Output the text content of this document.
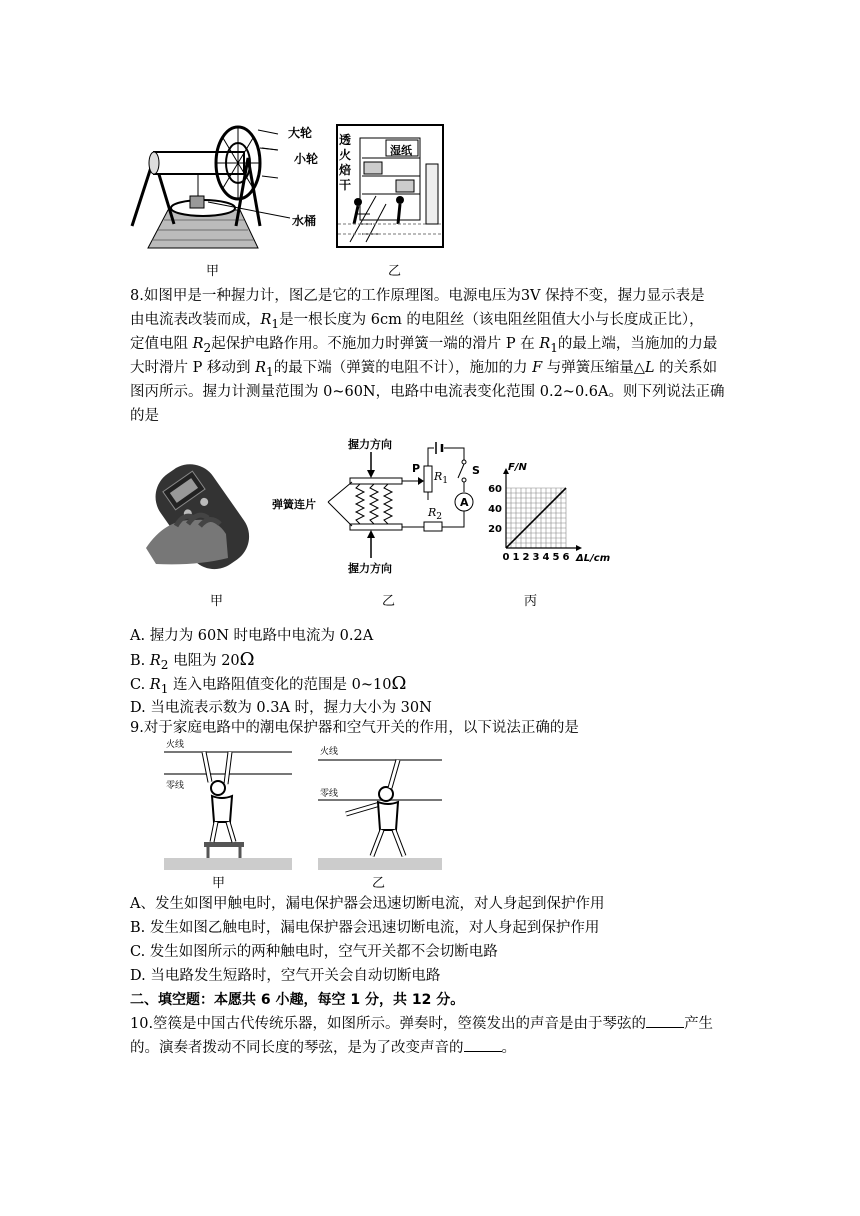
大轮
小轮
水桶
甲
透
火
焙
干
湿纸
乙
8.如图甲是一种握力计，图乙是它的工作原理图。电源电压为3V 保持不变，握力显示表是
由电流表改装而成，$R_1$是一根长度为 6cm 的电阻丝（该电阻丝阻值大小与长度成正比），
定值电阻 $R_2$起保护电路作用。不施加力时弹簧一端的滑片 P 在 $R_1$的最上端，当施加的力最
大时滑片 P 移动到 $R_1$的最下端（弹簧的电阻不计），施加的力 F 与弹簧压缩量△L 的关系如
图丙所示。握力计测量范围为 0~60N，电路中电流表变化范围 0.2~0.6A。则下列说法正确
的是
甲
握力方向
握力方向
弹簧连片
P
$R_1$
S
A
$R_2$
乙
0 1 2 3 4 5 6
20
40
60
F/N
ΔL/cm
丙
A. 握力为 60N 时电路中电流为 0.2A
B. $R_2$ 电阻为 20Ω
C. $R_1$ 连入电路阻值变化的范围是 0~10Ω
D. 当电流表示数为 0.3A 时，握力大小为 30N
9.对于家庭电路中的潮电保护器和空气开关的作用，以下说法正确的是
火线
零线
甲
火线
零线
乙
A、发生如图甲触电时，漏电保护器会迅速切断电流，对人身起到保护作用
B. 发生如图乙触电时，漏电保护器会迅速切断电流，对人身起到保护作用
C. 发生如图所示的两种触电时，空气开关都不会切断电路
D. 当电路发生短路时，空气开关会自动切断电路
二、填空题：本愿共 6 小趣，每空 1 分，共 12 分。
10.箜篌是中国古代传统乐器，如图所示。弹奏时，箜篌发出的声音是由于琴弦的	产生
的。演奏者拨动不同长度的琴弦，是为了改变声音的	。
